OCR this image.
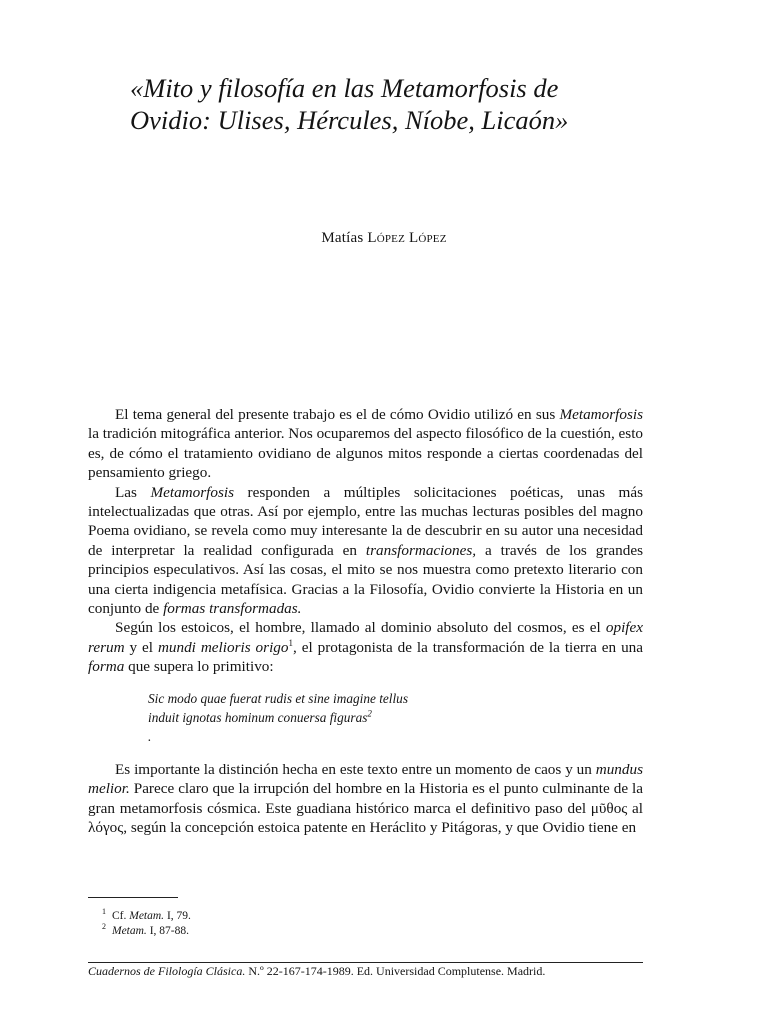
«Mito y filosofía en las Metamorfosis de
Ovidio: Ulises, Hércules, Níobe, Licaón»
Matías López López

El tema general del presente trabajo es el de cómo Ovidio utilizó en sus Metamorfosis la tradición mitográfica anterior. Nos ocuparemos del aspecto filosófico de la cuestión, esto es, de cómo el tratamiento ovidiano de algunos mitos responde a ciertas coordenadas del pensamiento griego.

Las Metamorfosis responden a múltiples solicitaciones poéticas, unas más intelectualizadas que otras. Así por ejemplo, entre las muchas lecturas posibles del magno Poema ovidiano, se revela como muy interesante la de descubrir en su autor una necesidad de interpretar la realidad configurada en transformaciones, a través de los grandes principios especulativos. Así las cosas, el mito se nos muestra como pretexto literario con una cierta indigencia metafísica. Gracias a la Filosofía, Ovidio convierte la Historia en un conjunto de formas transformadas.

Según los estoicos, el hombre, llamado al dominio absoluto del cosmos, es el opifex rerum y el mundi melioris origo$^1$, el protagonista de la transformación de la tierra en una forma que supera lo primitivo:

Sic modo quae fuerat rudis et sine imagine tellus
induit ignotas hominum conuersa figuras$^2$
.

Es importante la distinción hecha en este texto entre un momento de caos y un mundus melior. Parece claro que la irrupción del hombre en la Historia es el punto culminante de la gran metamorfosis cósmica. Este guadiana histórico marca el definitivo paso del μῦθος al λόγος, según la concepción estoica patente en Heráclito y Pitágoras, y que Ovidio tiene en

$^1$ Cf. Metam. I, 79.
$^2$ Metam. I, 87-88.
Cuadernos de Filología Clásica. N.º 22-167-174-1989. Ed. Universidad Complutense. Madrid.
